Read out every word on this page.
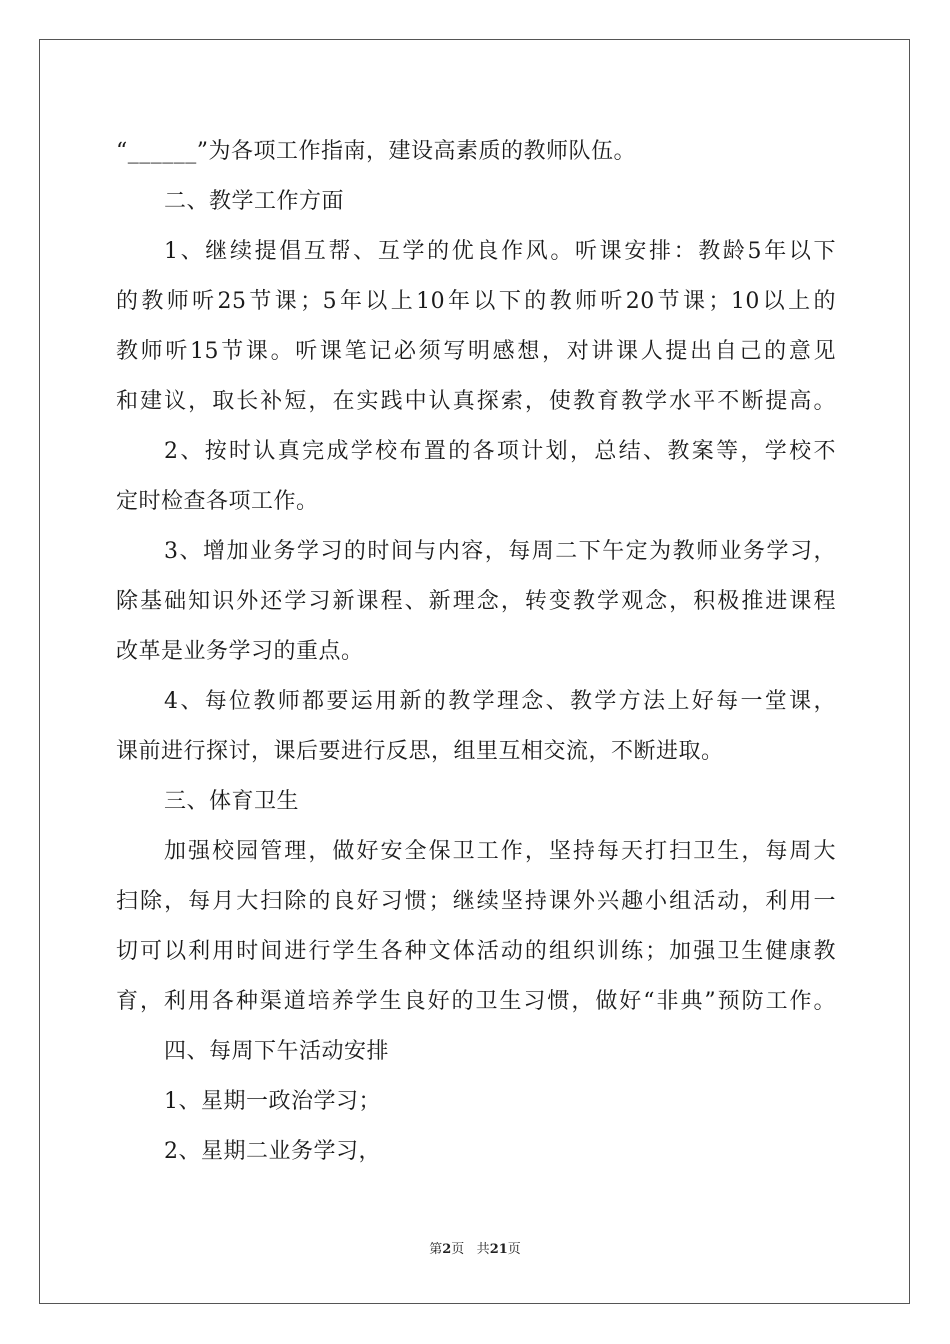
“______”为各项工作指南，建设高素质的教师队伍。
二、教学工作方面
1、继续提倡互帮、互学的优良作风。听课安排：教龄5年以下
的教师听25节课；5年以上10年以下的教师听20节课；10以上的
教师听15节课。听课笔记必须写明感想，对讲课人提出自己的意见
和建议，取长补短，在实践中认真探索，使教育教学水平不断提高。
2、按时认真完成学校布置的各项计划，总结、教案等，学校不
定时检查各项工作。
3、增加业务学习的时间与内容，每周二下午定为教师业务学习，
除基础知识外还学习新课程、新理念，转变教学观念，积极推进课程
改革是业务学习的重点。
4、每位教师都要运用新的教学理念、教学方法上好每一堂课，
课前进行探讨，课后要进行反思，组里互相交流，不断进取。
三、体育卫生
加强校园管理，做好安全保卫工作，坚持每天打扫卫生，每周大
扫除，每月大扫除的良好习惯；继续坚持课外兴趣小组活动，利用一
切可以利用时间进行学生各种文体活动的组织训练；加强卫生健康教
育，利用各种渠道培养学生良好的卫生习惯，做好“非典”预防工作。
四、每周下午活动安排
1、星期一政治学习；
2、星期二业务学习，
第2页 共21页
